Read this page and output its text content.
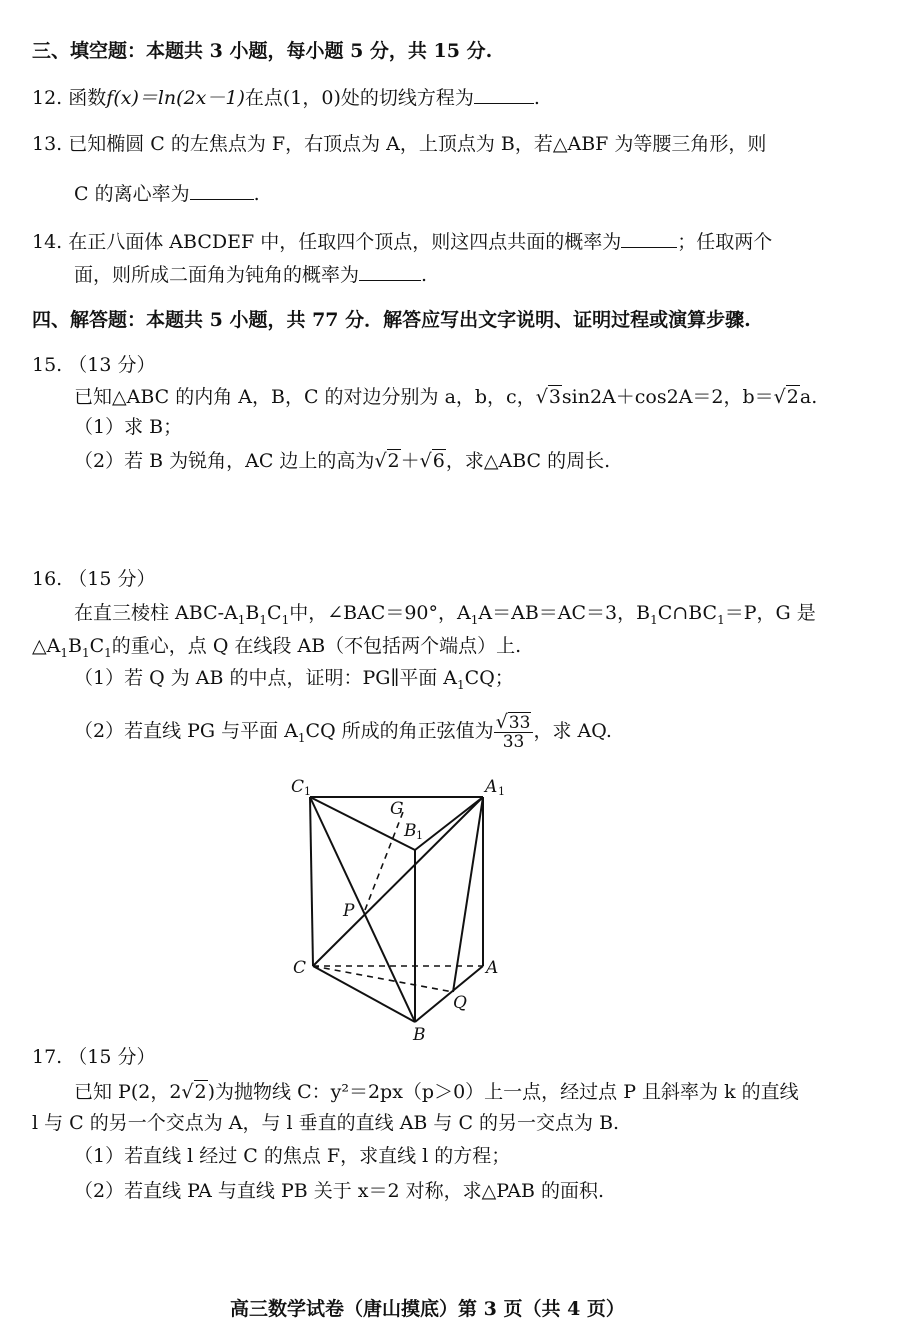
三、填空题：本题共 3 小题，每小题 5 分，共 15 分.
12. 函数f(x)＝ln(2x－1)在点(1，0)处的切线方程为	.
13. 已知椭圆 C 的左焦点为 F，右顶点为 A，上顶点为 B，若△ABF 为等腰三角形，则
C 的离心率为	.
14. 在正八面体 ABCDEF 中，任取四个顶点，则这四点共面的概率为	；任取两个
面，则所成二面角为钝角的概率为	.
四、解答题：本题共 5 小题，共 77 分．解答应写出文字说明、证明过程或演算步骤.
15. （13 分）
已知△ABC 的内角 A，B，C 的对边分别为 a，b，c，√3sin2A＋cos2A＝2，b＝√2a.
（1）求 B；
（2）若 B 为锐角，AC 边上的高为√2＋√6，求△ABC 的周长.
16. （15 分）
在直三棱柱 ABC-$A_1B_1C_1$中，∠BAC＝90°，$A_1A=AB=AC=3$，$B_1C\cap BC_1=P$，G 是
$\triangle A_1B_1C_1$的重心，点 Q 在线段 AB（不包括两个端点）上.
（1）若 Q 为 AB 的中点，证明：PG∥平面 $A_1CQ$；
（2）若直线 PG 与平面 $A_1CQ$ 所成的角正弦值为 $\frac{√33}{33}$ ，求 AQ.
C 1	A 1
G
B 1
P
C	A
Q
B
17. （15 分）
已知 P(2，2√2)为抛物线 C：y²＝2px（p＞0）上一点，经过点 P 且斜率为 k 的直线
l 与 C 的另一个交点为 A，与 l 垂直的直线 AB 与 C 的另一交点为 B.
（1）若直线 l 经过 C 的焦点 F，求直线 l 的方程；
（2）若直线 PA 与直线 PB 关于 x＝2 对称，求△PAB 的面积.
高三数学试卷（唐山摸底）第 3 页（共 4 页）
